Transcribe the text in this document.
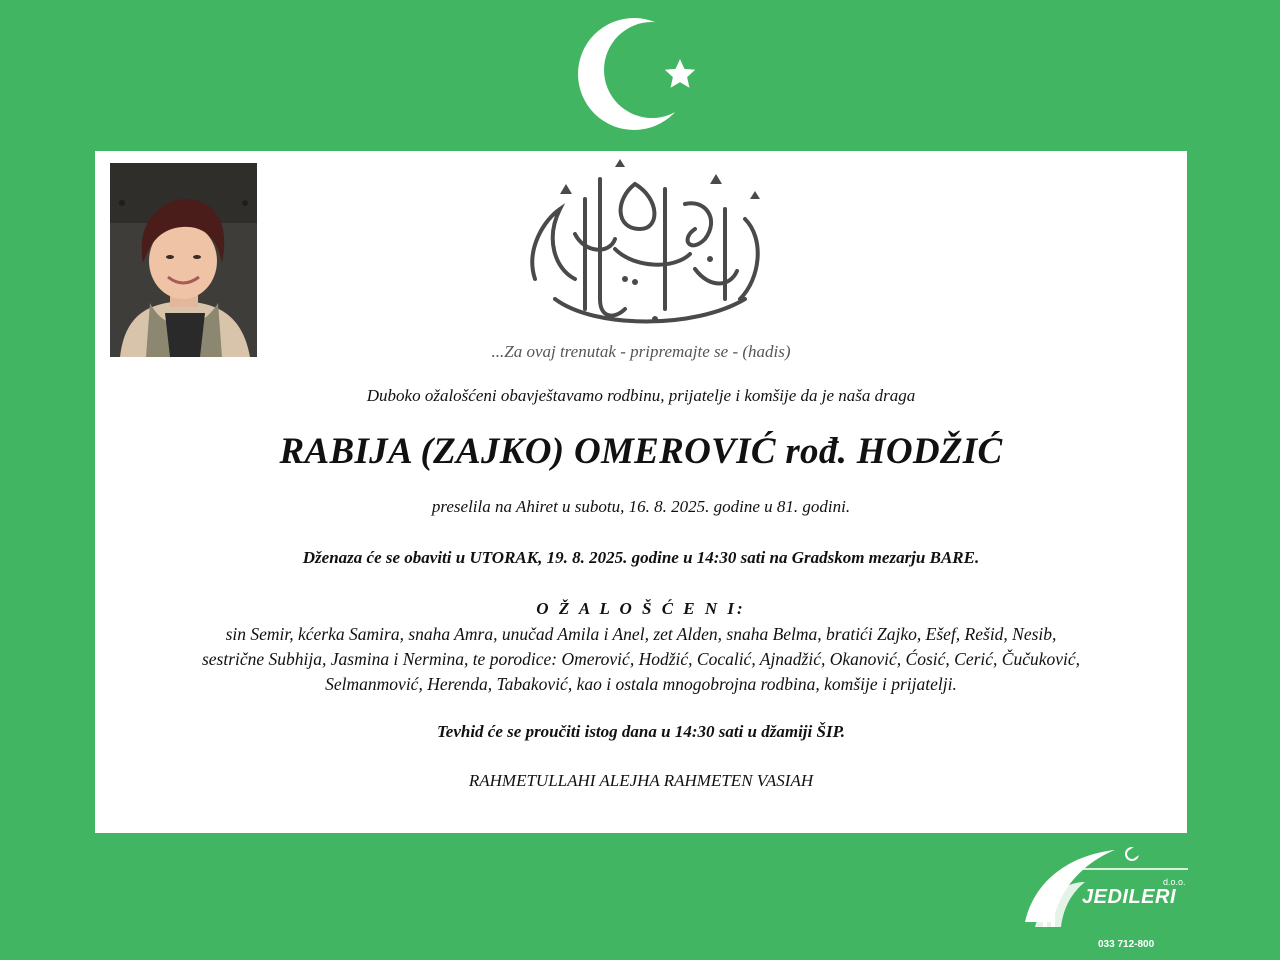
...Za ovaj trenutak - pripremajte se - (hadis)
Duboko ožalošćeni obavještavamo rodbinu, prijatelje i komšije da je naša draga
RABIJA (ZAJKO) OMEROVIĆ rođ. HODŽIĆ
preselila na Ahiret u subotu, 16. 8. 2025. godine u 81. godini.
Dženaza će se obaviti u UTORAK, 19. 8. 2025. godine u 14:30 sati na Gradskom mezarju BARE.
O Ž A L O Š Ć E N I:
sin Semir, kćerka Samira, snaha Amra, unučad Amila i Anel, zet Alden, snaha Belma, bratići Zajko, Ešef, Rešid, Nesib,
sestrične Subhija, Jasmina i Nermina, te porodice: Omerović, Hodžić, Cocalić, Ajnadžić, Okanović, Ćosić, Cerić, Čučuković,
Selmanmović, Herenda, Tabaković, kao i ostala mnogobrojna rodbina, komšije i prijatelji.
Tevhid će se proučiti istog dana u 14:30 sati u džamiji ŠIP.
RAHMETULLAHI ALEJHA RAHMETEN VASIAH
d.o.o.
JEDILERI
033 712-800
